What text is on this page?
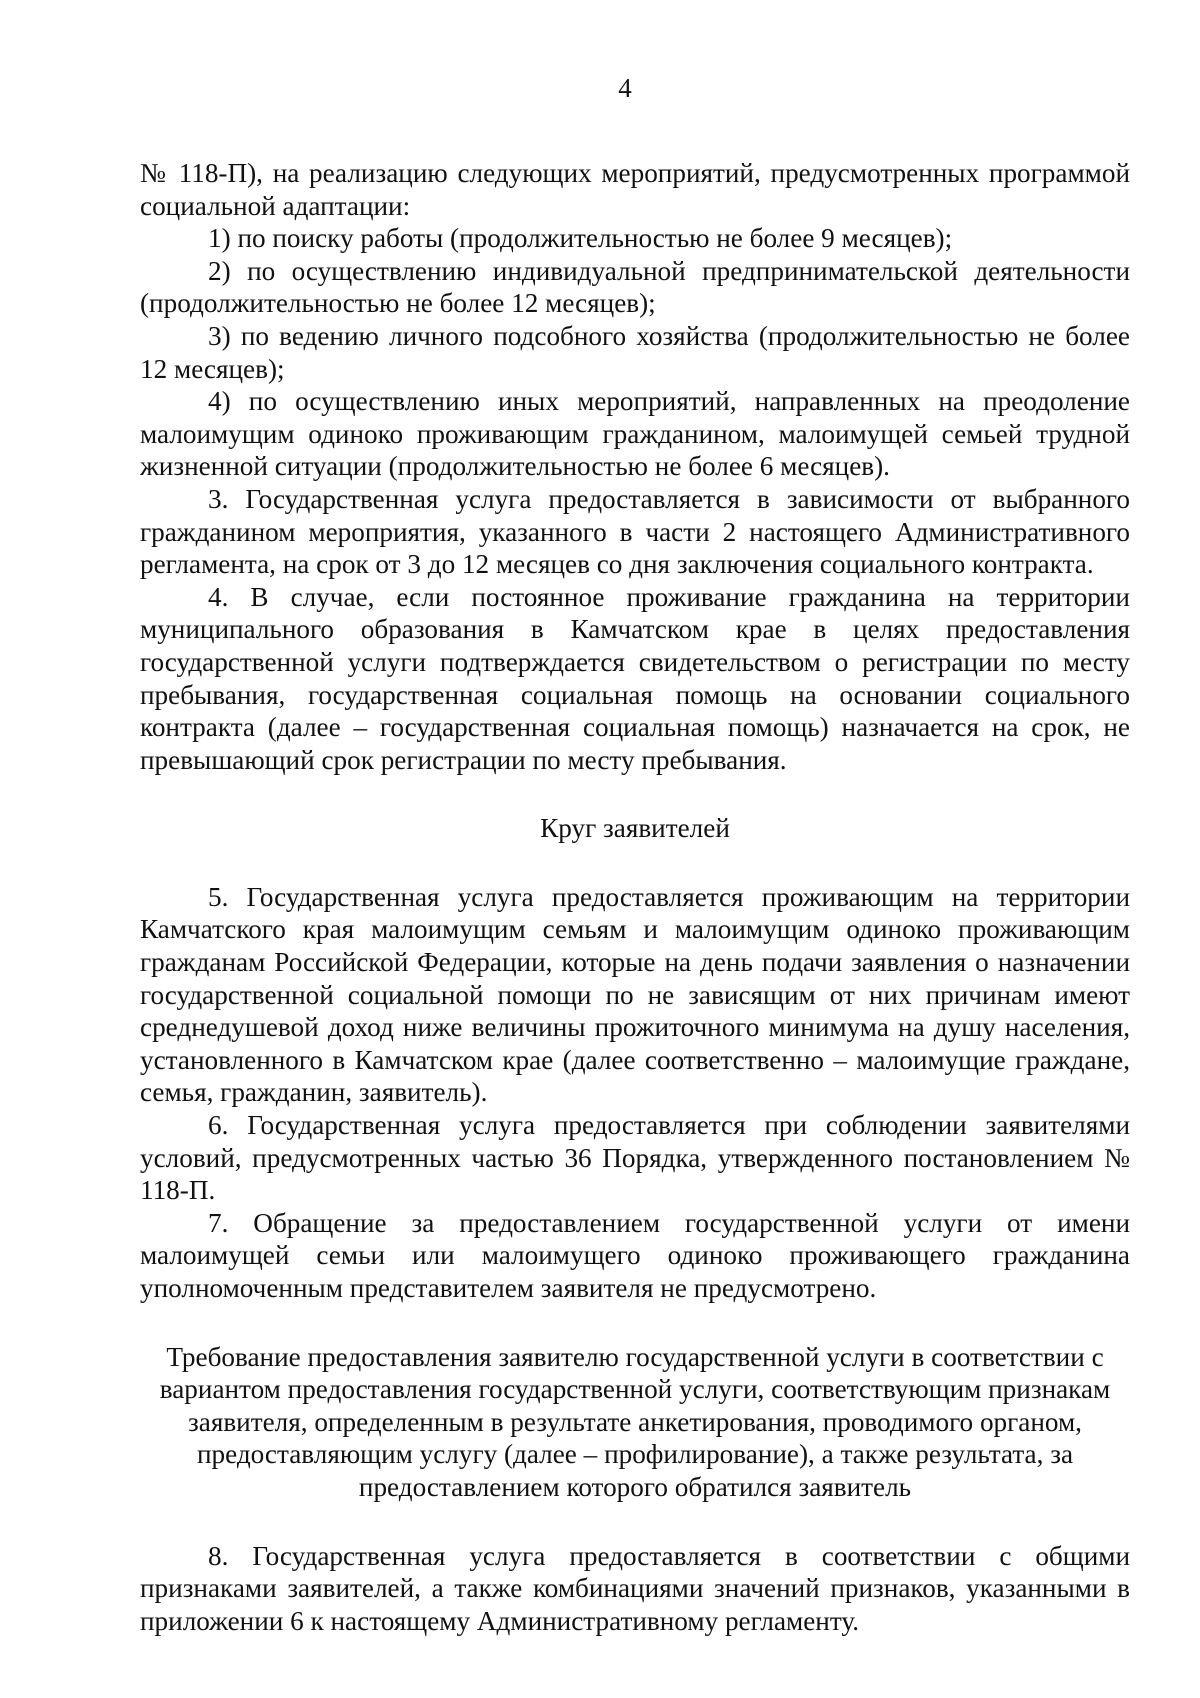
4

№ 118-П), на реализацию следующих мероприятий, предусмотренных программой социальной адаптации:

1) по поиску работы (продолжительностью не более 9 месяцев);

2) по осуществлению индивидуальной предпринимательской деятельности (продолжительностью не более 12 месяцев);

3) по ведению личного подсобного хозяйства (продолжительностью не более 12 месяцев);

4) по осуществлению иных мероприятий, направленных на преодоление малоимущим одиноко проживающим гражданином, малоимущей семьей трудной жизненной ситуации (продолжительностью не более 6 месяцев).

3. Государственная услуга предоставляется в зависимости от выбранного гражданином мероприятия, указанного в части 2 настоящего Административного регламента, на срок от 3 до 12 месяцев со дня заключения социального контракта.

4. В случае, если постоянное проживание гражданина на территории муниципального образования в Камчатском крае в целях предоставления государственной услуги подтверждается свидетельством о регистрации по месту пребывания, государственная социальная помощь на основании социального контракта (далее – государственная социальная помощь) назначается на срок, не превышающий срок регистрации по месту пребывания.

Круг заявителей

5. Государственная услуга предоставляется проживающим на территории Камчатского края малоимущим семьям и малоимущим одиноко проживающим гражданам Российской Федерации, которые на день подачи заявления о назначении государственной социальной помощи по не зависящим от них причинам имеют среднедушевой доход ниже величины прожиточного минимума на душу населения, установленного в Камчатском крае (далее соответственно – малоимущие граждане, семья, гражданин, заявитель).

6. Государственная услуга предоставляется при соблюдении заявителями условий, предусмотренных частью 36 Порядка, утвержденного постановлением № 118-П.

7. Обращение за предоставлением государственной услуги от имени малоимущей семьи или малоимущего одиноко проживающего гражданина уполномоченным представителем заявителя не предусмотрено.

Требование предоставления заявителю государственной услуги в соответствии с вариантом предоставления государственной услуги, соответствующим признакам заявителя, определенным в результате анкетирования, проводимого органом, предоставляющим услугу (далее – профилирование), а также результата, за предоставлением которого обратился заявитель

8. Государственная услуга предоставляется в соответствии с общими признаками заявителей, а также комбинациями значений признаков, указанными в приложении 6 к настоящему Административному регламенту.
